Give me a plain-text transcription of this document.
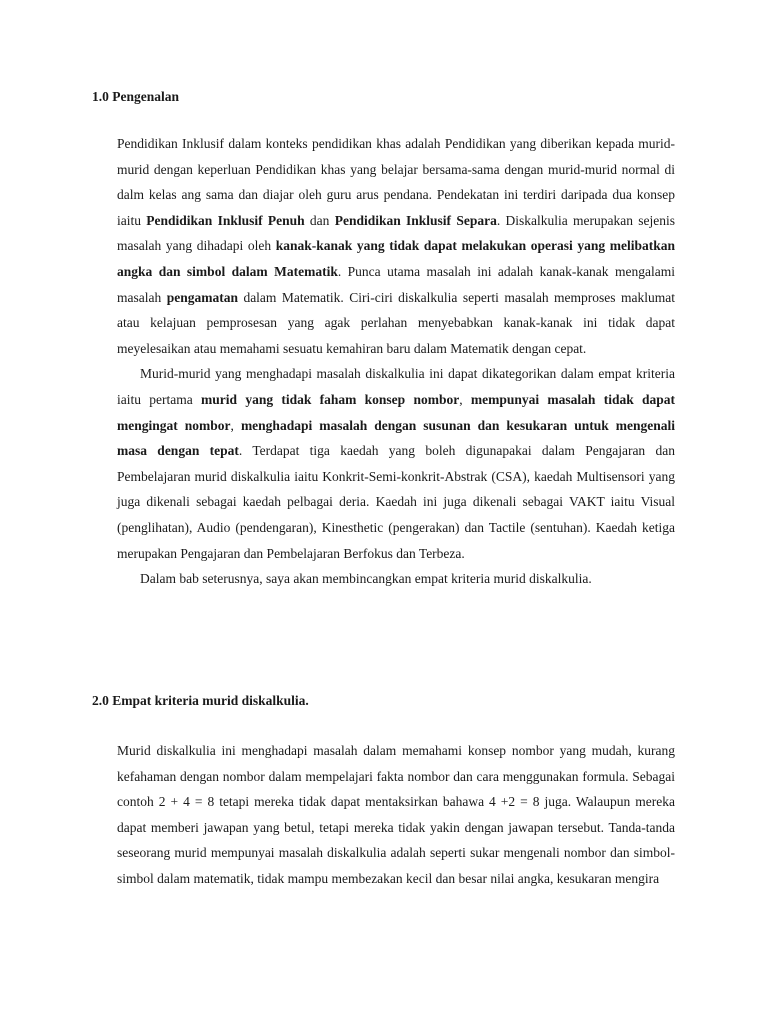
1.0 Pengenalan

Pendidikan Inklusif dalam konteks pendidikan khas adalah Pendidikan yang diberikan kepada murid-murid dengan keperluan Pendidikan khas yang belajar bersama-sama dengan murid-murid normal di dalm kelas ang sama dan diajar oleh guru arus pendana. Pendekatan ini terdiri daripada dua konsep iaitu Pendidikan Inklusif Penuh dan Pendidikan Inklusif Separa. Diskalkulia merupakan sejenis masalah yang dihadapi oleh kanak-kanak yang tidak dapat melakukan operasi yang melibatkan angka dan simbol dalam Matematik. Punca utama masalah ini adalah kanak-kanak mengalami masalah pengamatan dalam Matematik. Ciri-ciri diskalkulia seperti masalah memproses maklumat atau kelajuan pemprosesan yang agak perlahan menyebabkan kanak-kanak ini tidak dapat meyelesaikan atau memahami sesuatu kemahiran baru dalam Matematik dengan cepat.

Murid-murid yang menghadapi masalah diskalkulia ini dapat dikategorikan dalam empat kriteria iaitu pertama murid yang tidak faham konsep nombor, mempunyai masalah tidak dapat mengingat nombor, menghadapi masalah dengan susunan dan kesukaran untuk mengenali masa dengan tepat. Terdapat tiga kaedah yang boleh digunapakai dalam Pengajaran dan Pembelajaran murid diskalkulia iaitu Konkrit-Semi-konkrit-Abstrak (CSA), kaedah Multisensori yang juga dikenali sebagai kaedah pelbagai deria. Kaedah ini juga dikenali sebagai VAKT iaitu Visual (penglihatan), Audio (pendengaran), Kinesthetic (pengerakan) dan Tactile (sentuhan). Kaedah ketiga merupakan Pengajaran dan Pembelajaran Berfokus dan Terbeza.

Dalam bab seterusnya, saya akan membincangkan empat kriteria murid diskalkulia.

2.0 Empat kriteria murid diskalkulia.

Murid diskalkulia ini menghadapi masalah dalam memahami konsep nombor yang mudah, kurang kefahaman dengan nombor dalam mempelajari fakta nombor dan cara menggunakan formula. Sebagai contoh 2 + 4 = 8 tetapi mereka tidak dapat mentaksirkan bahawa 4 +2 = 8 juga. Walaupun mereka dapat memberi jawapan yang betul, tetapi mereka tidak yakin dengan jawapan tersebut. Tanda-tanda seseorang murid mempunyai masalah diskalkulia adalah seperti sukar mengenali nombor dan simbol-simbol dalam matematik, tidak mampu membezakan kecil dan besar nilai angka, kesukaran mengira
